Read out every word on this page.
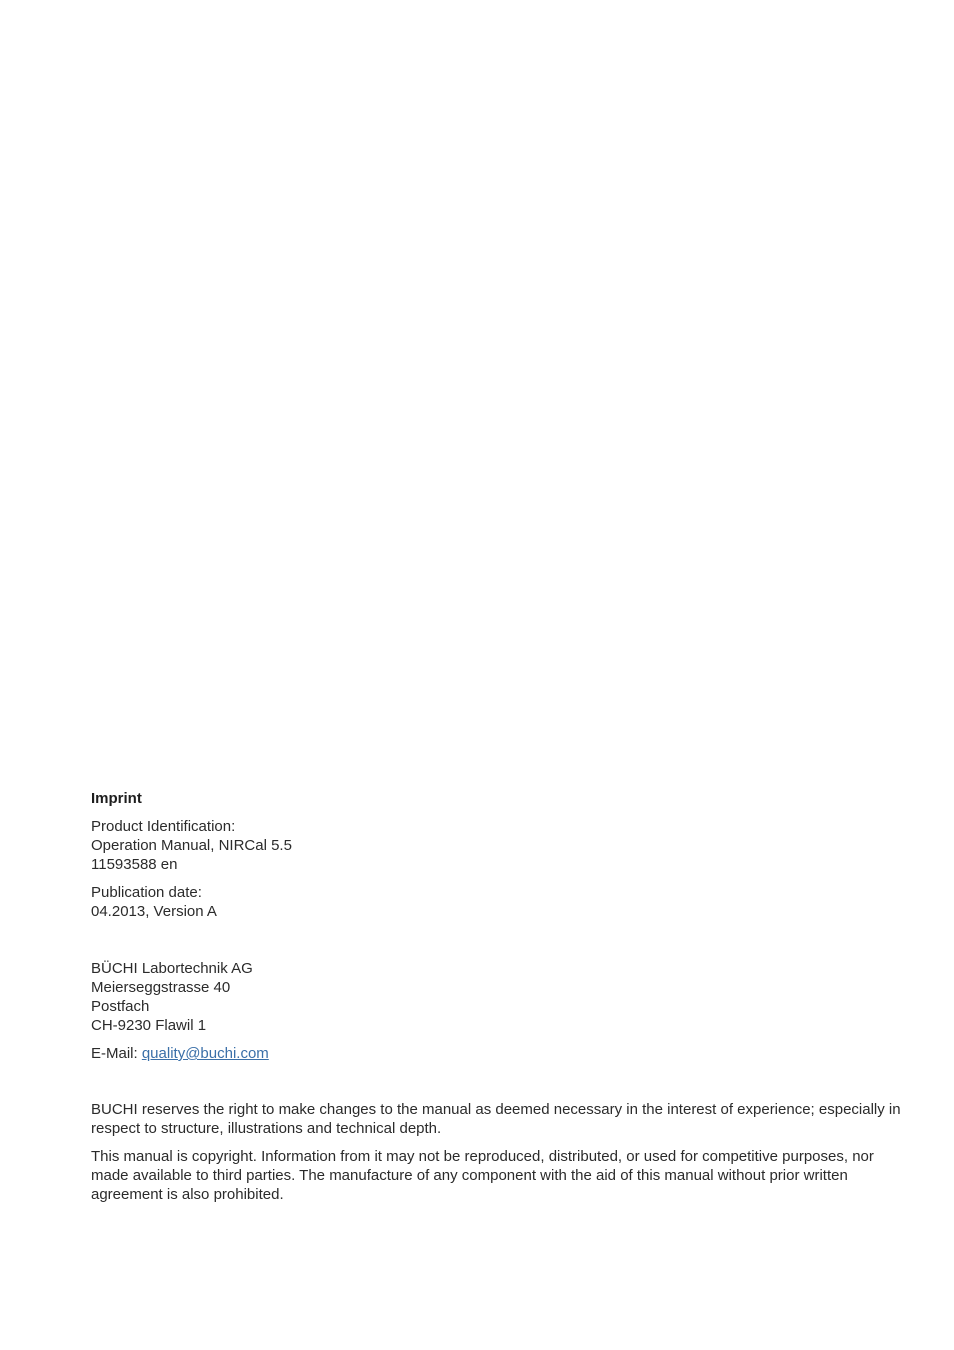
Imprint

Product Identification:

Operation Manual, NIRCal 5.5

11593588 en

Publication date:

04.2013, Version A

BÜCHI Labortechnik AG

Meierseggstrasse 40

Postfach

CH-9230 Flawil 1

E-Mail: quality@buchi.com

BUCHI reserves the right to make changes to the manual as deemed necessary in the interest of experience; especially in respect to structure, illustrations and technical depth.

This manual is copyright. Information from it may not be reproduced, distributed, or used for competitive purposes, nor made available to third parties. The manufacture of any component with the aid of this manual without prior written agreement is also prohibited.
